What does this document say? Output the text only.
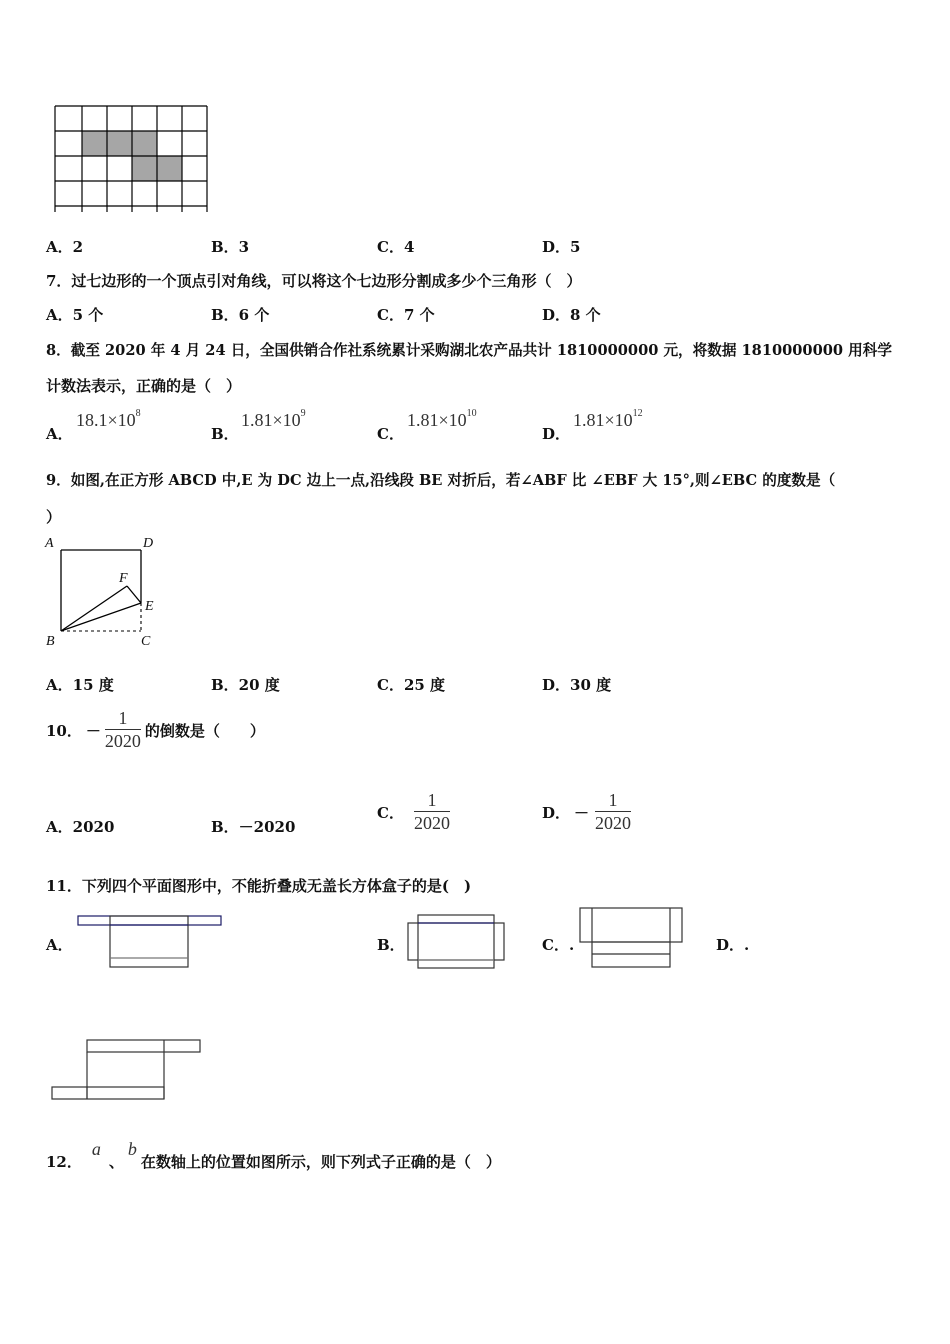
A．2	B．3	C．4	D．5
7．过七边形的一个顶点引对角线，可以将这个七边形分割成多少个三角形（　）
A．5 个	B．6 个	C．7 个	D．8 个
8．截至 2020 年 4 月 24 日，全国供销合作社系统累计采购湖北农产品共计 1810000000 元，将数据 1810000000 用科学
计数法表示，正确的是（　）
A．
$18.1\times 10^8$
B．
$1.81\times 10^9$
C．
$1.81\times 10^{10}$
D．
$1.81\times 10^{12}$
9．如图,在正方形 ABCD 中,E 为 DC 边上一点,沿线段 BE 对折后，若∠ABF 比 ∠EBF 大 15°,则∠EBC 的度数是（
）
A	D
F
E
B	C
A．15 度	B．20 度	C．25 度	D．30 度
10． － $\frac{1}{2020}$ 的倒数是（　　）
A．2020	B．－2020
C． $\frac{1}{2020}$	D． － $\frac{1}{2020}$
11．下列四个平面图形中，不能折叠成无盖长方体盒子的是(　)
A．	B．	C．.	D．.
12．
a
、
b
在数轴上的位置如图所示，则下列式子正确的是（　）
